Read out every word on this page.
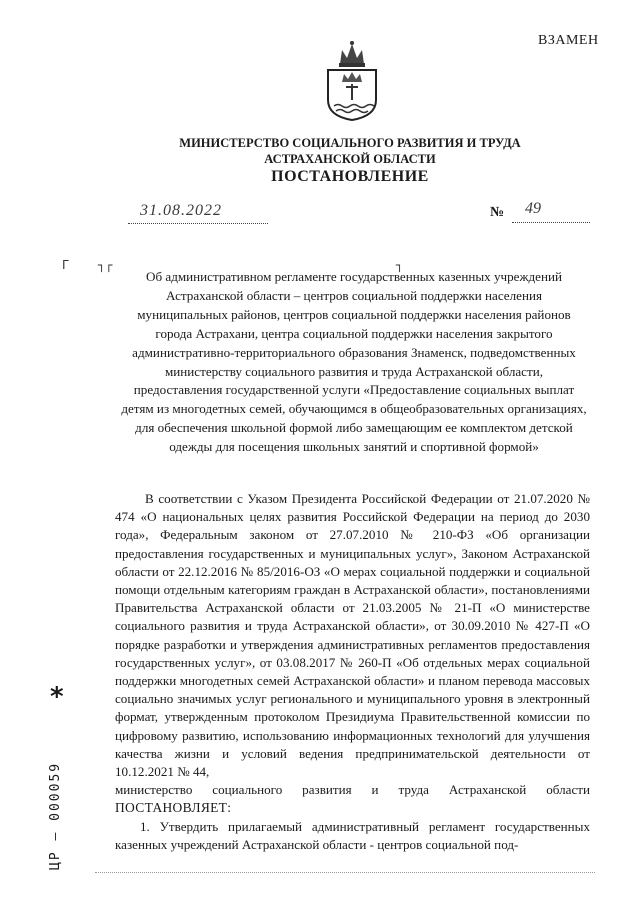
ВЗАМЕН
МИНИСТЕРСТВО СОЦИАЛЬНОГО РАЗВИТИЯ И ТРУДА
АСТРАХАНСКОЙ ОБЛАСТИ
ПОСТАНОВЛЕНИЕ
31.08.2022	№ 49
Г ┐┌	┐
Об административном регламенте государственных казенных учреждений Астраханской области – центров социальной поддержки населения муниципальных районов, центров социальной поддержки населения районов города Астрахани, центра социальной поддержки населения закрытого административно-территориального образования Знаменск, подведомственных министерству социального развития и труда Астраханской области, предоставления государственной услуги «Предоставление социальных выплат детям из многодетных семей, обучающимся в общеобразовательных организациях, для обеспечения школьной формой либо замещающим ее комплектом детской одежды для посещения школьных занятий и спортивной формой»

В соответствии с Указом Президента Российской Федерации от 21.07.2020 № 474 «О национальных целях развития Российской Федерации на период до 2030 года», Федеральным законом от 27.07.2010 № 210-ФЗ «Об организации предоставления государственных и муниципальных услуг», Законом Астраханской области от 22.12.2016 № 85/2016-ОЗ «О мерах социальной поддержки и социальной помощи отдельным категориям граждан в Астраханской области», постановлениями Правительства Астраханской области от 21.03.2005 № 21-П «О министерстве социального развития и труда Астраханской области», от 30.09.2010 № 427-П «О порядке разработки и утверждения административных регламентов предоставления государственных услуг», от 03.08.2017 № 260-П «Об отдельных мерах социальной поддержки многодетных семей Астраханской области» и планом перевода массовых социально значимых услуг регионального и муниципального уровня в электронный формат, утвержденным протоколом Президиума Правительственной комиссии по цифровому развитию, использованию информационных технологий для улучшения качества жизни и условий ведения предпринимательской деятельности от 10.12.2021 № 44,

министерство социального развития и труда Астраханской области

ПОСТАНОВЛЯЕТ:

1. Утвердить прилагаемый административный регламент государственных казенных учреждений Астраханской области - центров социальной под-

*
ЦР – 000059
